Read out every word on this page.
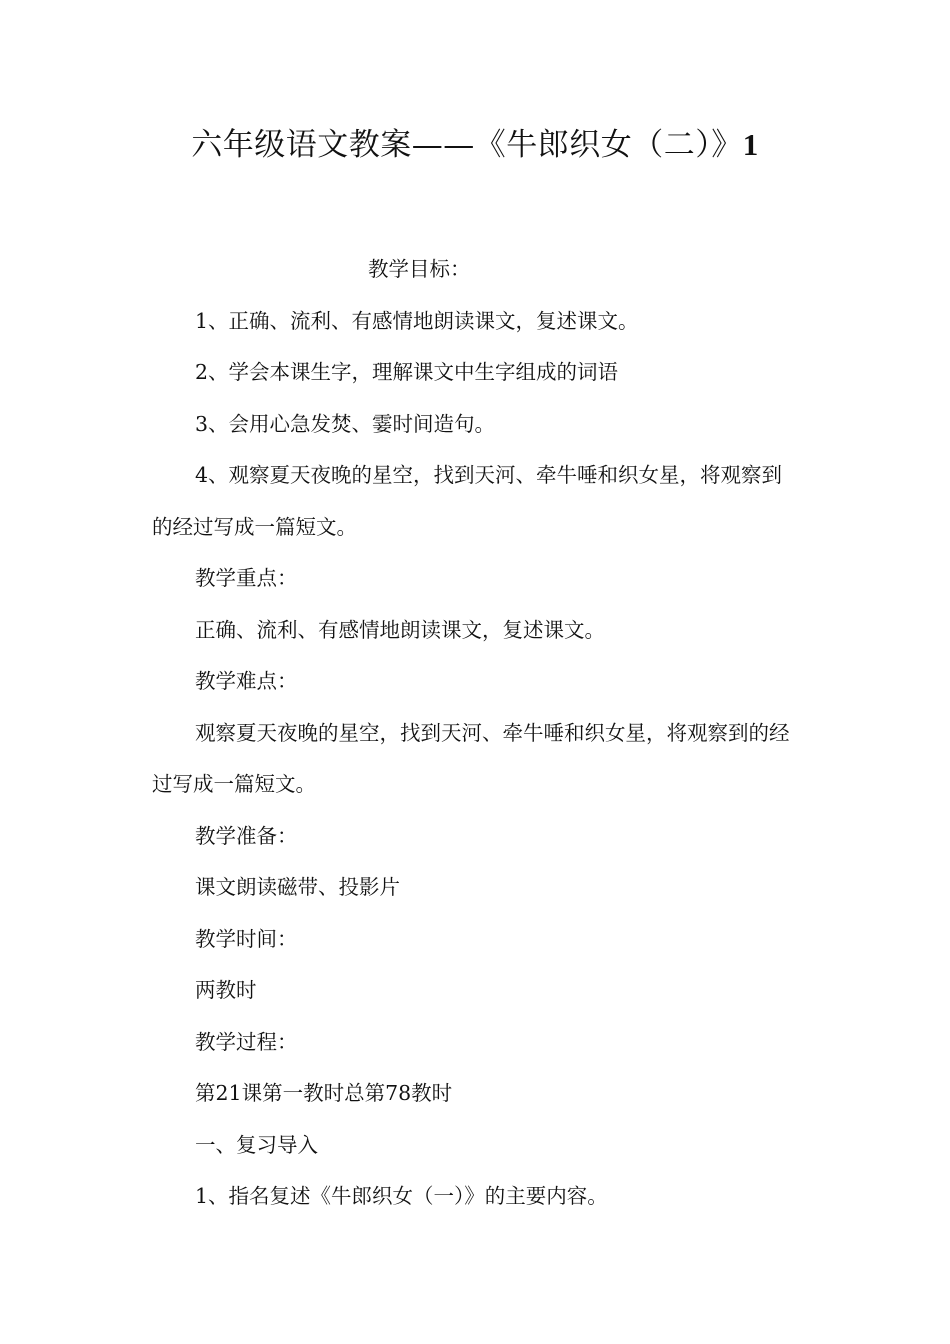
六年级语文教案——《牛郎织女（二）》1

教学目标：

1、正确、流利、有感情地朗读课文，复述课文。

2、学会本课生字，理解课文中生字组成的词语

3、会用心急发焚、霎时间造句。

4、观察夏天夜晚的星空，找到天河、牵牛唾和织女星，将观察到的经过写成一篇短文。

教学重点：

正确、流利、有感情地朗读课文，复述课文。

教学难点：

观察夏天夜晚的星空，找到天河、牵牛唾和织女星，将观察到的经过写成一篇短文。

教学准备：

课文朗读磁带、投影片

教学时间：

两教时

教学过程：

第21课第一教时总第78教时

一、复习导入

1、指名复述《牛郎织女（一）》的主要内容。
